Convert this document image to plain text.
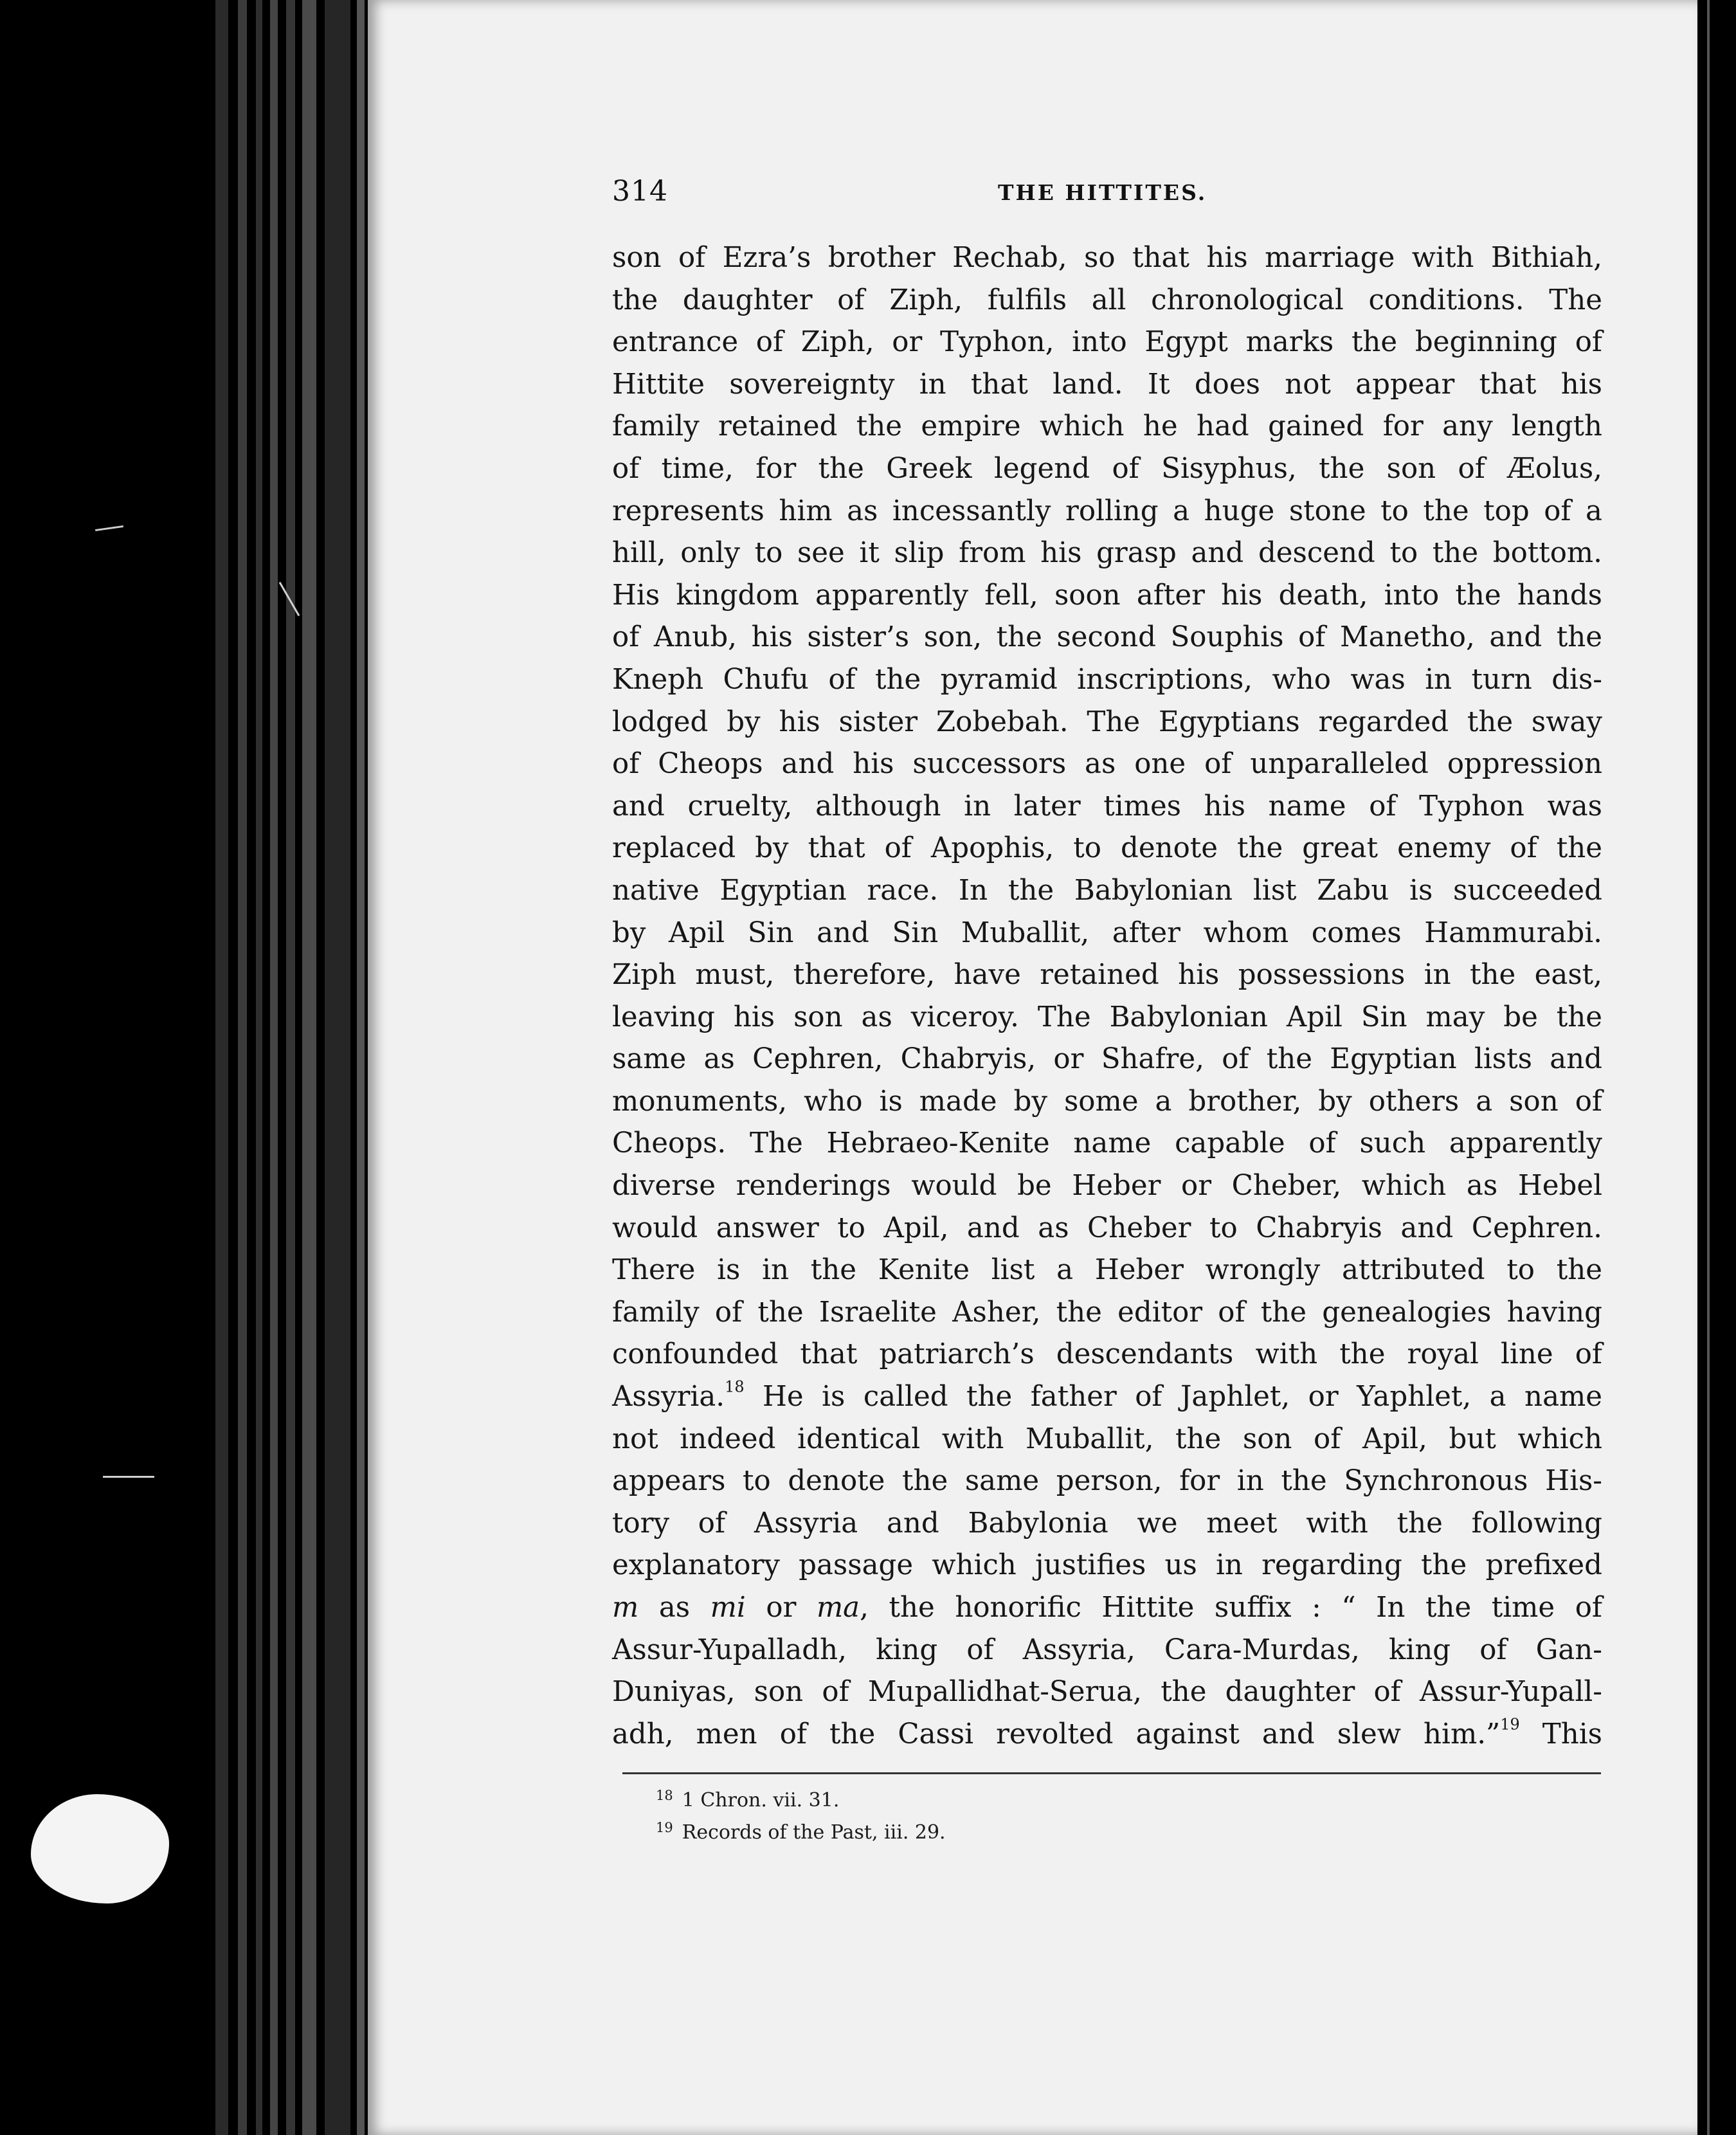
314	THE HITTITES.
son of Ezra’s brother Rechab, so that his marriage with Bithiah,
the daughter of Ziph, fulfils all chronological conditions. The
entrance of Ziph, or Typhon, into Egypt marks the beginning of
Hittite sovereignty in that land. It does not appear that his
family retained the empire which he had gained for any length
of time, for the Greek legend of Sisyphus, the son of Æolus,
represents him as incessantly rolling a huge stone to the top of a
hill, only to see it slip from his grasp and descend to the bottom.
His kingdom apparently fell, soon after his death, into the hands
of Anub, his sister’s son, the second Souphis of Manetho, and the
Kneph Chufu of the pyramid inscriptions, who was in turn dis-
lodged by his sister Zobebah. The Egyptians regarded the sway
of Cheops and his successors as one of unparalleled oppression
and cruelty, although in later times his name of Typhon was
replaced by that of Apophis, to denote the great enemy of the
native Egyptian race. In the Babylonian list Zabu is succeeded
by Apil Sin and Sin Muballit, after whom comes Hammurabi.
Ziph must, therefore, have retained his possessions in the east,
leaving his son as viceroy. The Babylonian Apil Sin may be the
same as Cephren, Chabryis, or Shafre, of the Egyptian lists and
monuments, who is made by some a brother, by others a son of
Cheops. The Hebraeo-Kenite name capable of such apparently
diverse renderings would be Heber or Cheber, which as Hebel
would answer to Apil, and as Cheber to Chabryis and Cephren.
There is in the Kenite list a Heber wrongly attributed to the
family of the Israelite Asher, the editor of the genealogies having
confounded that patriarch’s descendants with the royal line of
Assyria.$^{18}$ He is called the father of Japhlet, or Yaphlet, a name
not indeed identical with Muballit, the son of Apil, but which
appears to denote the same person, for in the Synchronous His-
tory of Assyria and Babylonia we meet with the following
explanatory passage which justifies us in regarding the prefixed
m as mi or ma, the honorific Hittite suffix : “ In the time of
Assur-Yupalladh, king of Assyria, Cara-Murdas, king of Gan-
Duniyas, son of Mupallidhat-Serua, the daughter of Assur-Yupall-
adh, men of the Cassi revolted against and slew him.”$^{19}$ This
$^{18}$ 1 Chron. vii. 31.
$^{19}$ Records of the Past, iii. 29.
